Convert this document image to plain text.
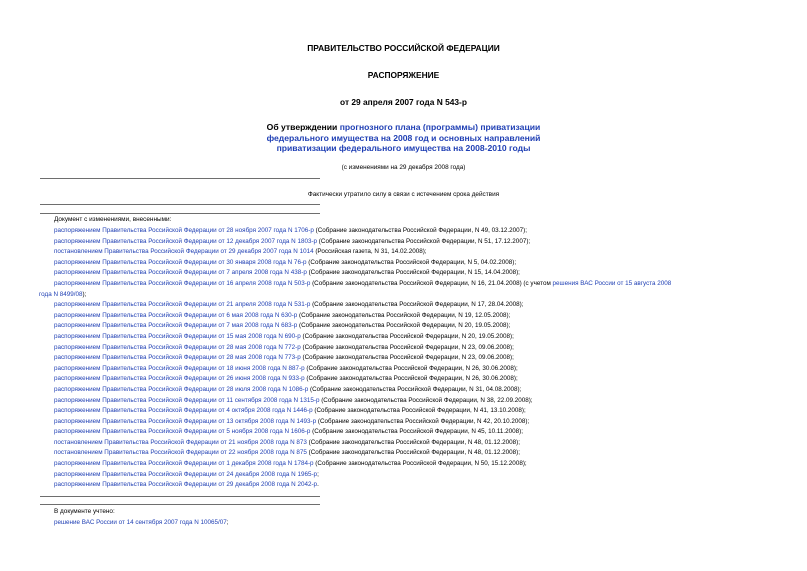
ПРАВИТЕЛЬСТВО РОССИЙСКОЙ ФЕДЕРАЦИИ
РАСПОРЯЖЕНИЕ
от 29 апреля 2007 года N 543-р
Об утверждении прогнозного плана (программы) приватизации
федерального имущества на 2008 год и основных направлений
приватизации федерального имущества на 2008-2010 годы
(с изменениями на 29 декабря 2008 года)
Фактически утратило силу в связи с истечением срока действия
Документ с изменениями, внесенными:
распоряжением Правительства Российской Федерации от 28 ноября 2007 года N 1706-р (Собрание законодательства Российской Федерации, N 49, 03.12.2007);
распоряжением Правительства Российской Федерации от 12 декабря 2007 года N 1803-р (Собрание законодательства Российской Федерации, N 51, 17.12.2007);
постановлением Правительства Российской Федерации от 29 декабря 2007 года N 1014 (Российская газета, N 31, 14.02.2008);
распоряжением Правительства Российской Федерации от 30 января 2008 года N 76-р (Собрание законодательства Российской Федерации, N 5, 04.02.2008);
распоряжением Правительства Российской Федерации от 7 апреля 2008 года N 438-р (Собрание законодательства Российской Федерации, N 15, 14.04.2008);
распоряжением Правительства Российской Федерации от 16 апреля 2008 года N 503-р (Собрание законодательства Российской Федерации, N 16, 21.04.2008) (с учетом решения ВАС России от 15 августа 2008
года N 8499/08);
распоряжением Правительства Российской Федерации от 21 апреля 2008 года N 531-р (Собрание законодательства Российской Федерации, N 17, 28.04.2008);
распоряжением Правительства Российской Федерации от 6 мая 2008 года N 630-р (Собрание законодательства Российской Федерации, N 19, 12.05.2008);
распоряжением Правительства Российской Федерации от 7 мая 2008 года N 683-р (Собрание законодательства Российской Федерации, N 20, 19.05.2008);
распоряжением Правительства Российской Федерации от 15 мая 2008 года N 690-р (Собрание законодательства Российской Федерации, N 20, 19.05.2008);
распоряжением Правительства Российской Федерации от 28 мая 2008 года N 772-р (Собрание законодательства Российской Федерации, N 23, 09.06.2008);
распоряжением Правительства Российской Федерации от 28 мая 2008 года N 773-р (Собрание законодательства Российской Федерации, N 23, 09.06.2008);
распоряжением Правительства Российской Федерации от 18 июня 2008 года N 887-р (Собрание законодательства Российской Федерации, N 26, 30.06.2008);
распоряжением Правительства Российской Федерации от 26 июня 2008 года N 933-р (Собрание законодательства Российской Федерации, N 26, 30.06.2008);
распоряжением Правительства Российской Федерации от 28 июля 2008 года N 1086-р (Собрание законодательства Российской Федерации, N 31, 04.08.2008);
распоряжением Правительства Российской Федерации от 11 сентября 2008 года N 1315-р (Собрание законодательства Российской Федерации, N 38, 22.09.2008);
распоряжением Правительства Российской Федерации от 4 октября 2008 года N 1446-р (Собрание законодательства Российской Федерации, N 41, 13.10.2008);
распоряжением Правительства Российской Федерации от 13 октября 2008 года N 1493-р (Собрание законодательства Российской Федерации, N 42, 20.10.2008);
распоряжением Правительства Российской Федерации от 5 ноября 2008 года N 1606-р (Собрание законодательства Российской Федерации, N 45, 10.11.2008);
постановлением Правительства Российской Федерации от 21 ноября 2008 года N 873 (Собрание законодательства Российской Федерации, N 48, 01.12.2008);
постановлением Правительства Российской Федерации от 22 ноября 2008 года N 875 (Собрание законодательства Российской Федерации, N 48, 01.12.2008);
распоряжением Правительства Российской Федерации от 1 декабря 2008 года N 1784-р (Собрание законодательства Российской Федерации, N 50, 15.12.2008);
распоряжением Правительства Российской Федерации от 24 декабря 2008 года N 1965-р;
распоряжением Правительства Российской Федерации от 29 декабря 2008 года N 2042-р.
В документе учтено:
решение ВАС России от 14 сентября 2007 года N 10065/07;
